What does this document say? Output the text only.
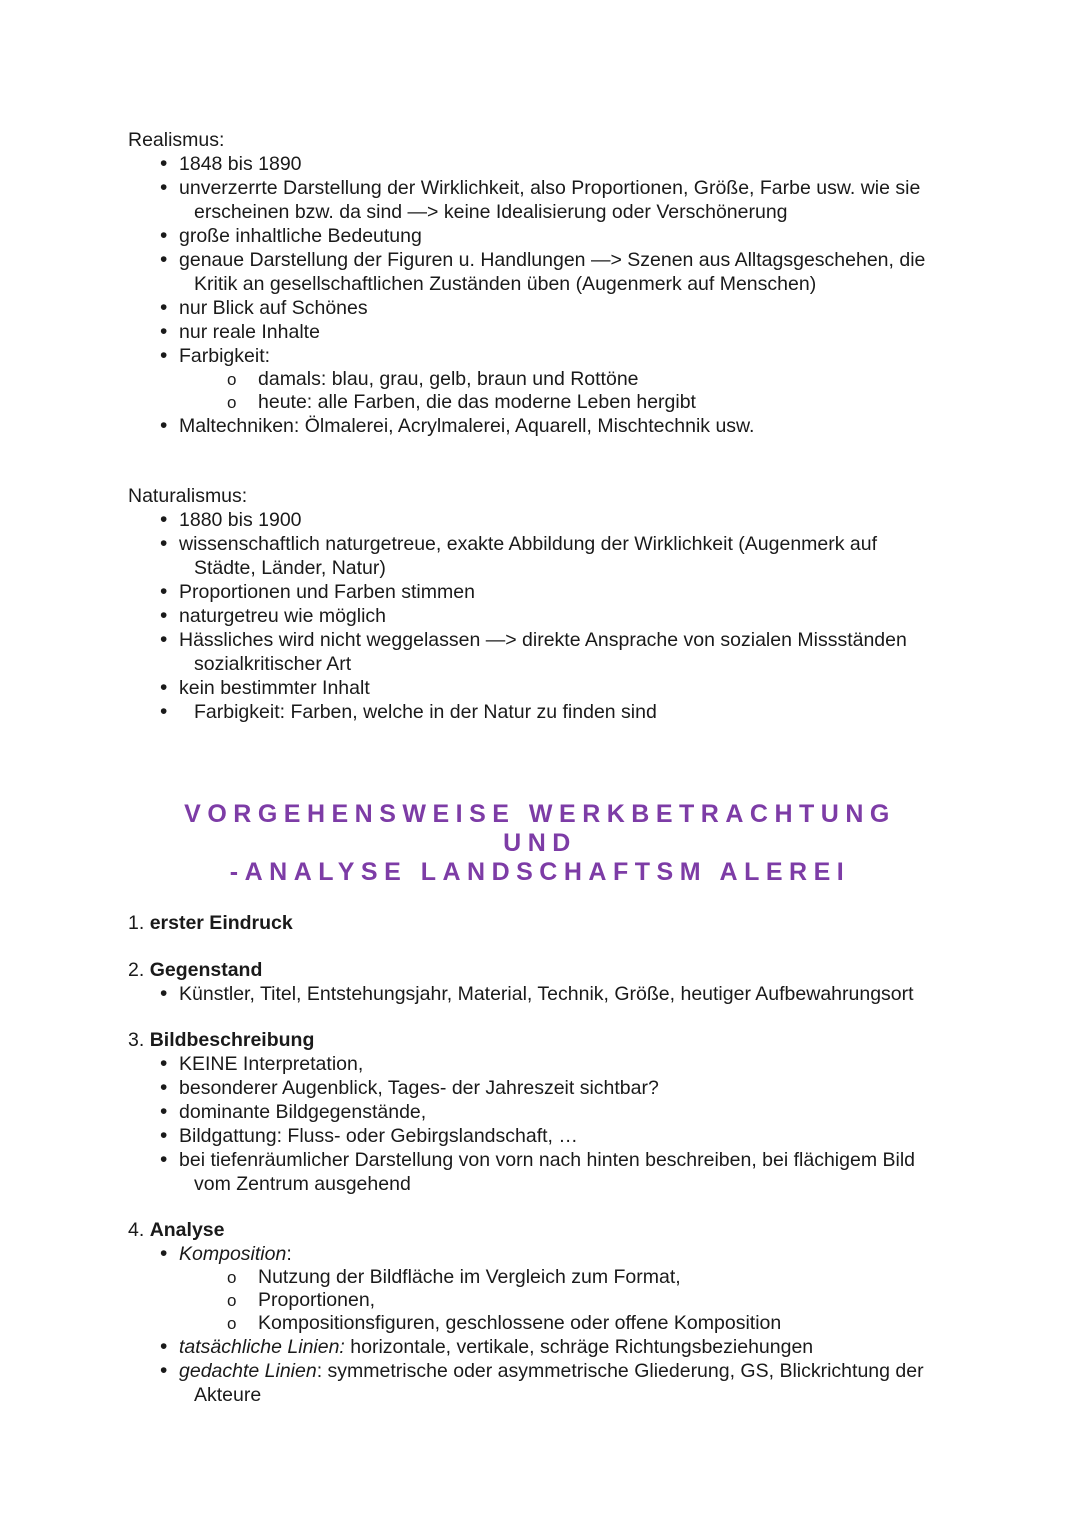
Realismus:
• 1848 bis 1890
• unverzerrte Darstellung der Wirklichkeit, also Proportionen, Größe, Farbe usw. wie sie
erscheinen bzw. da sind —> keine Idealisierung oder Verschönerung
• große inhaltliche Bedeutung
• genaue Darstellung der Figuren u. Handlungen —> Szenen aus Alltagsgeschehen, die
Kritik an gesellschaftlichen Zuständen üben (Augenmerk auf Menschen)
• nur Blick auf Schönes
• nur reale Inhalte
• Farbigkeit:
o damals: blau, grau, gelb, braun und Rottöne
o heute: alle Farben, die das moderne Leben hergibt
• Maltechniken: Ölmalerei, Acrylmalerei, Aquarell, Mischtechnik usw.
Naturalismus:
• 1880 bis 1900
• wissenschaftlich naturgetreue, exakte Abbildung der Wirklichkeit (Augenmerk auf
Städte, Länder, Natur)
• Proportionen und Farben stimmen
• naturgetreu wie möglich
• Hässliches wird nicht weggelassen —> direkte Ansprache von sozialen Missständen
sozialkritischer Art
• kein bestimmter Inhalt
• Farbigkeit: Farben, welche in der Natur zu finden sind
VORGEHENSWEISE WERKBETRACHTUNG
UND
-ANALYSE LANDSCHAFTSM ALEREI
1. erster Eindruck
2. Gegenstand
• Künstler, Titel, Entstehungsjahr, Material, Technik, Größe, heutiger Aufbewahrungsort
3. Bildbeschreibung
• KEINE Interpretation,
• besonderer Augenblick, Tages- der Jahreszeit sichtbar?
• dominante Bildgegenstände,
• Bildgattung: Fluss- oder Gebirgslandschaft, …
• bei tiefenräumlicher Darstellung von vorn nach hinten beschreiben, bei flächigem Bild
vom Zentrum ausgehend
4. Analyse
• Komposition:
o Nutzung der Bildfläche im Vergleich zum Format,
o Proportionen,
o Kompositionsfiguren, geschlossene oder offene Komposition
• tatsächliche Linien: horizontale, vertikale, schräge Richtungsbeziehungen
• gedachte Linien: symmetrische oder asymmetrische Gliederung, GS, Blickrichtung der
Akteure
